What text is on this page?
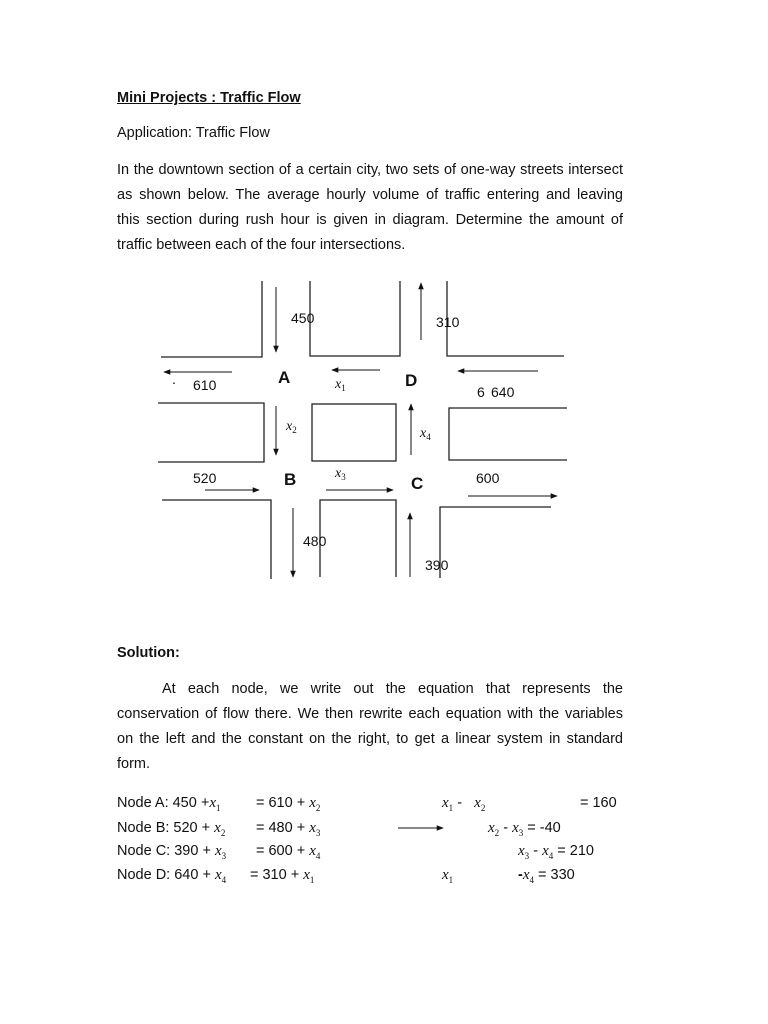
Mini Projects : Traffic Flow
Application: Traffic Flow
In the downtown section of a certain city, two sets of one-way streets intersect
as shown below. The average hourly volume of traffic entering and leaving
this section during rush hour is given in diagram. Determine the amount of
traffic between each of the four intersections.
450	310
610
.
6 640
520	600
480
390
A	D
B	C
$x_1$
$x_2$	$x_4$
$x_3$
Solution:
At each node, we write out the equation that represents the
conservation of flow there. We then rewrite each equation with the variables
on the left and the constant on the right, to get a linear system in standard
form.
Node A: $450 +x_1 = 610 + x_2$	$x_1 - x_2$	= 160
Node B: $520 + x_2 = 480 + x_3$	$x_2 - x_3 = -40$
Node C: $390 + x_3 = 600 + x_4$	$x_3 - x_4 = 210$
Node D: $640 + x_4 = 310 + x_1$	$x_1$	$-x_4 = 330$
